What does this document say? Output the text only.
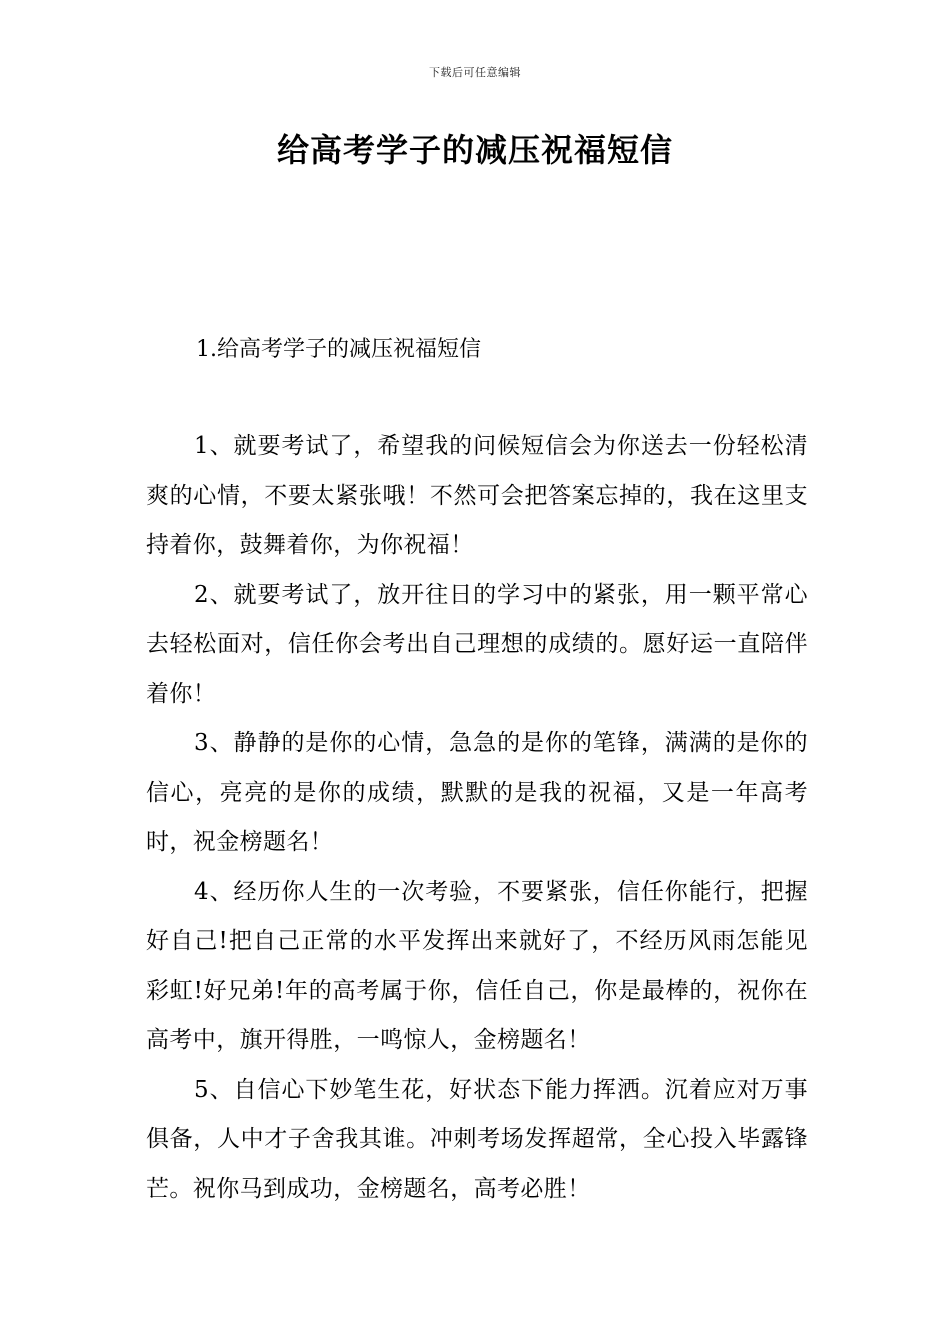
下载后可任意编辑
给高考学子的减压祝福短信
1.给高考学子的减压祝福短信

1、就要考试了，希望我的问候短信会为你送去一份轻松清爽的心情，不要太紧张哦！不然可会把答案忘掉的，我在这里支持着你，鼓舞着你，为你祝福！

2、就要考试了，放开往日的学习中的紧张，用一颗平常心去轻松面对，信任你会考出自己理想的成绩的。愿好运一直陪伴着你！

3、静静的是你的心情，急急的是你的笔锋，满满的是你的信心，亮亮的是你的成绩，默默的是我的祝福，又是一年高考时，祝金榜题名！

4、经历你人生的一次考验，不要紧张，信任你能行，把握好自己!把自己正常的水平发挥出来就好了，不经历风雨怎能见彩虹!好兄弟!年的高考属于你，信任自己，你是最棒的，祝你在高考中，旗开得胜，一鸣惊人，金榜题名！

5、自信心下妙笔生花，好状态下能力挥洒。沉着应对万事俱备，人中才子舍我其谁。冲刺考场发挥超常，全心投入毕露锋芒。祝你马到成功，金榜题名，高考必胜！
